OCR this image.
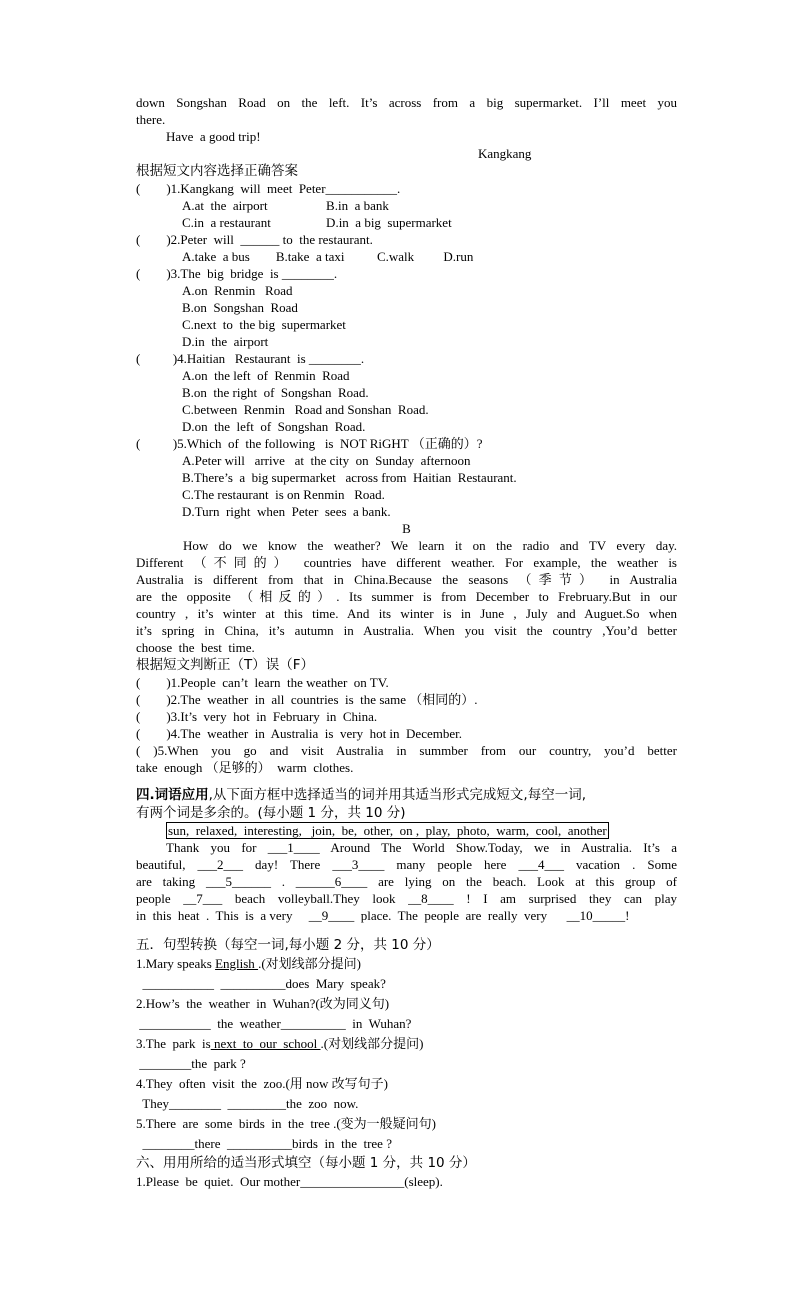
down Songshan Road on the left. It’s across from a big supermarket. I’ll meet you
there.
Have  a good trip!
Kangkang
根据短文内容选择正确答案
(        )1.Kangkang  will  meet  Peter___________.
A.at  the  airport                  B.in  a bank
C.in  a restaurant                 D.in  a big  supermarket
(        )2.Peter  will  ______ to  the restaurant.
A.take  a bus        B.take  a taxi          C.walk         D.run
(        )3.The  big  bridge  is ________.
A.on  Renmin   Road
B.on  Songshan  Road
C.next  to  the big  supermarket
D.in  the  airport
(          )4.Haitian   Restaurant  is ________.
A.on  the left  of  Renmin  Road
B.on  the right  of  Songshan  Road.
C.between  Renmin   Road and Sonshan  Road.
D.on  the  left  of  Songshan  Road.
(          )5.Which  of  the following   is  NOT RiGHT （正确的）?
A.Peter will   arrive   at  the city  on  Sunday  afternoon
B.There’s  a  big supermarket   across from  Haitian  Restaurant.
C.The restaurant  is on Renmin   Road.
D.Turn  right  when  Peter  sees  a bank.
B
How do we know the weather? We learn it on the radio and TV every day.
Different （不同的） countries have different weather. For example, the weather is
Australia is different from that in China.Because the seasons （季节） in Australia
are the opposite （相反的）. Its summer is from December to Frebruary.But in our
country , it’s winter at this time. And its winter is in June , July and Auguet.So when
it’s spring in China, it’s autumn in Australia. When you visit the country ,You’d better
choose  the  best  time.
根据短文判断正（T）误（F）
(        )1.People  can’t  learn  the weather  on TV.
(        )2.The  weather  in  all  countries  is  the same （相同的）.
(        )3.It’s  very  hot  in  February  in  China.
(        )4.The  weather  in  Australia  is  very  hot in  December.
( )5.When you go and visit Australia in summber from our country, you’d better
take  enough （足够的）  warm  clothes.
四.词语应用,从下面方框中选择适当的词并用其适当形式完成短文,每空一词,
有两个词是多余的。(每小题 1 分，共 10 分)
sun,  relaxed,  interesting,   join,  be,  other,  on ,  play,  photo,  warm,  cool,  another
Thank you for ___1____ Around The World Show.Today, we in Australia. It’s a
beautiful, ___2___ day! There ___3____ many people here ___4___ vacation . Some
are taking ___5______ . ______6____ are lying on the beach. Look at this group of
people __7___ beach volleyball.They look __8____ ! I am surprised they can play
in  this  heat  .  This  is  a very     __9____  place.  The  people  are  really  very      __10_____!
五．句型转换（每空一词,每小题 2 分，共 10 分）
1.Mary speaks English .(对划线部分提问)
___________  __________does  Mary  speak?
2.How’s  the  weather  in  Wuhan?(改为同义句)
___________  the  weather__________  in  Wuhan?
3.The  park  is next  to  our  school .(对划线部分提问)
________the  park ?
4.They  often  visit  the  zoo.(用 now 改写句子)
They________  _________the  zoo  now.
5.There  are  some  birds  in  the  tree .(变为一般疑问句)
________there  __________birds  in  the  tree ?
六、用用所给的适当形式填空（每小题 1 分，共 10 分）
1.Please  be  quiet.  Our mother________________(sleep).
